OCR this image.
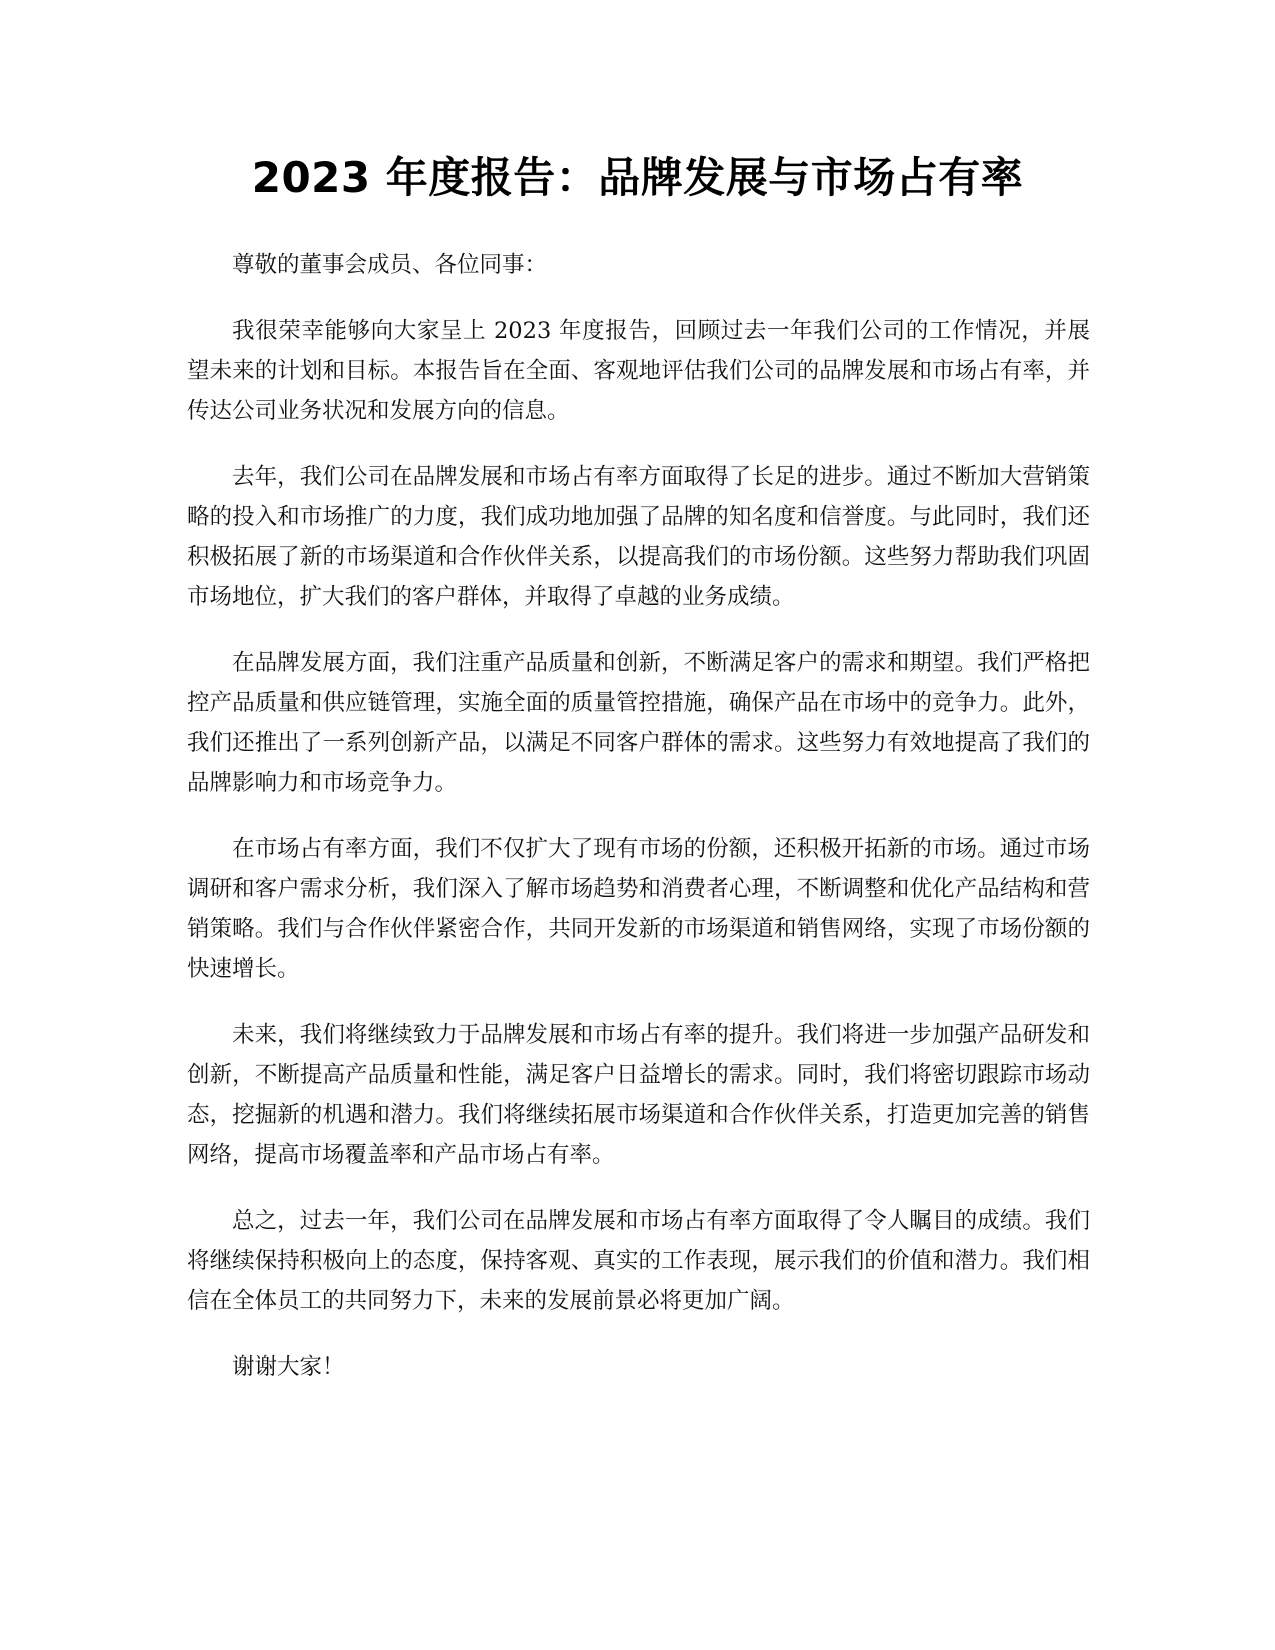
2023 年度报告：品牌发展与市场占有率

尊敬的董事会成员、各位同事：

我很荣幸能够向大家呈上 2023 年度报告，回顾过去一年我们公司的工作情况，并展望未来的计划和目标。本报告旨在全面、客观地评估我们公司的品牌发展和市场占有率，并传达公司业务状况和发展方向的信息。

去年，我们公司在品牌发展和市场占有率方面取得了长足的进步。通过不断加大营销策略的投入和市场推广的力度，我们成功地加强了品牌的知名度和信誉度。与此同时，我们还积极拓展了新的市场渠道和合作伙伴关系，以提高我们的市场份额。这些努力帮助我们巩固市场地位，扩大我们的客户群体，并取得了卓越的业务成绩。

在品牌发展方面，我们注重产品质量和创新，不断满足客户的需求和期望。我们严格把控产品质量和供应链管理，实施全面的质量管控措施，确保产品在市场中的竞争力。此外，我们还推出了一系列创新产品，以满足不同客户群体的需求。这些努力有效地提高了我们的品牌影响力和市场竞争力。

在市场占有率方面，我们不仅扩大了现有市场的份额，还积极开拓新的市场。通过市场调研和客户需求分析，我们深入了解市场趋势和消费者心理，不断调整和优化产品结构和营销策略。我们与合作伙伴紧密合作，共同开发新的市场渠道和销售网络，实现了市场份额的快速增长。

未来，我们将继续致力于品牌发展和市场占有率的提升。我们将进一步加强产品研发和创新，不断提高产品质量和性能，满足客户日益增长的需求。同时，我们将密切跟踪市场动态，挖掘新的机遇和潜力。我们将继续拓展市场渠道和合作伙伴关系，打造更加完善的销售网络，提高市场覆盖率和产品市场占有率。

总之，过去一年，我们公司在品牌发展和市场占有率方面取得了令人瞩目的成绩。我们将继续保持积极向上的态度，保持客观、真实的工作表现，展示我们的价值和潜力。我们相信在全体员工的共同努力下，未来的发展前景必将更加广阔。

谢谢大家！
